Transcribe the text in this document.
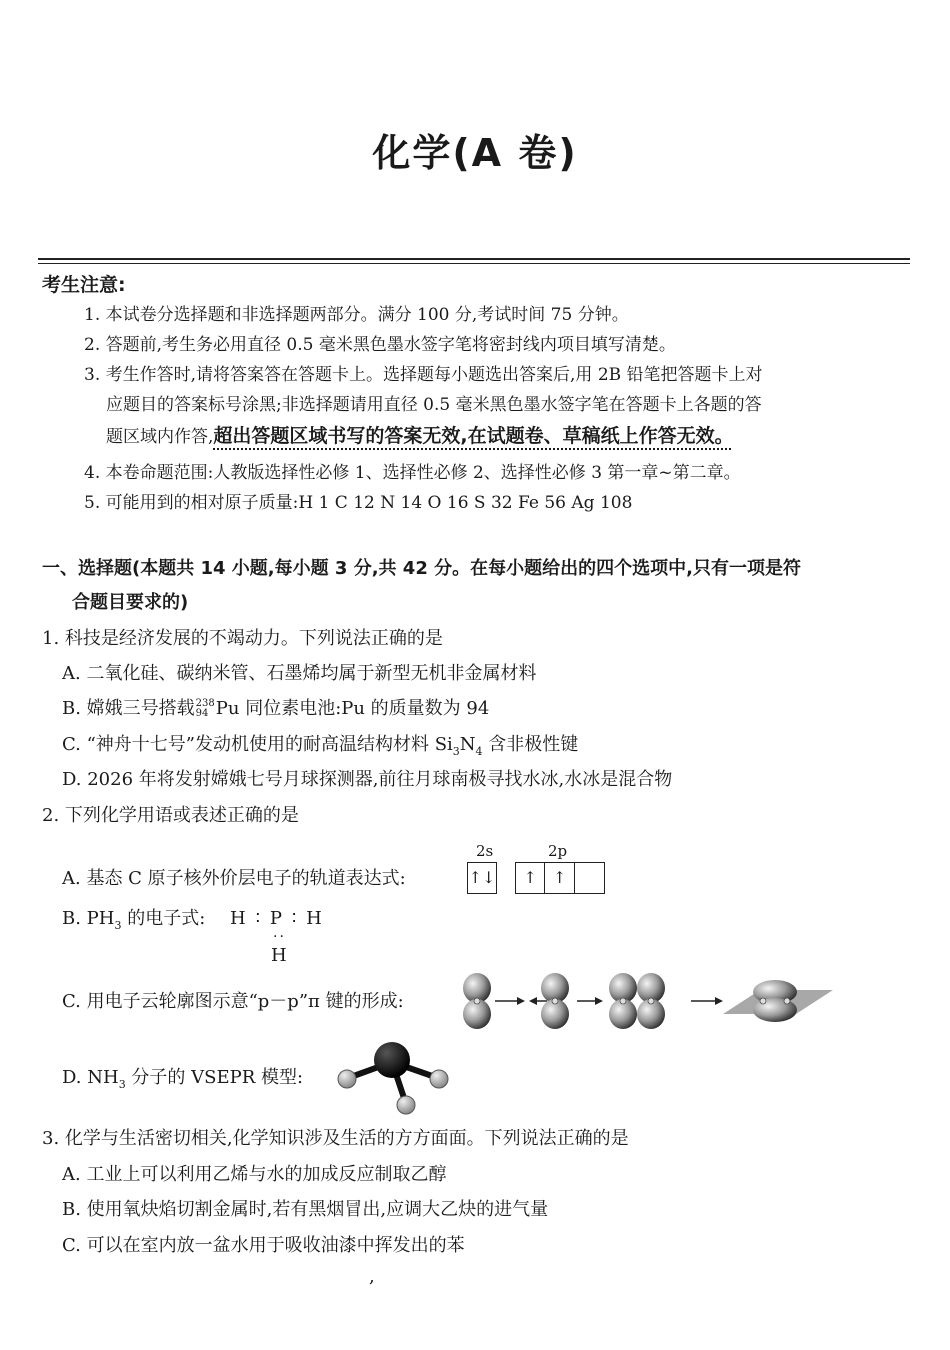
化学(A 卷)
考生注意:
1. 本试卷分选择题和非选择题两部分。满分 100 分,考试时间 75 分钟。
2. 答题前,考生务必用直径 0.5 毫米黑色墨水签字笔将密封线内项目填写清楚。
3. 考生作答时,请将答案答在答题卡上。选择题每小题选出答案后,用 2B 铅笔把答题卡上对
应题目的答案标号涂黑;非选择题请用直径 0.5 毫米黑色墨水签字笔在答题卡上各题的答
题区域内作答,超出答题区域书写的答案无效,在试题卷、草稿纸上作答无效。
4. 本卷命题范围:人教版选择性必修 1、选择性必修 2、选择性必修 3 第一章~第二章。
5. 可能用到的相对原子质量:H 1 C 12 N 14 O 16 S 32 Fe 56 Ag 108
一、选择题(本题共 14 小题,每小题 3 分,共 42 分。在每小题给出的四个选项中,只有一项是符
合题目要求的)
1. 科技是经济发展的不竭动力。下列说法正确的是
A. 二氧化硅、碳纳米管、石墨烯均属于新型无机非金属材料
B. 嫦娥三号搭载 238
94 Pu 同位素电池:Pu 的质量数为 94
C. “神舟十七号”发动机使用的耐高温结构材料 $Si_3N_4$ 含非极性键
D. 2026 年将发射嫦娥七号月球探测器,前往月球南极寻找水冰,水冰是混合物
2. 下列化学用语或表述正确的是
2s	2p
A. 基态 C 原子核外价层电子的轨道表达式:	↑↓ ↑ ↑
B. $PH_3$ 的电子式: H ∶ P ∶ H
··
H
C. 用电子云轮廓图示意“p－p”π 键的形成:
D. $NH_3$ 分子的 VSEPR 模型:
3. 化学与生活密切相关,化学知识涉及生活的方方面面。下列说法正确的是
A. 工业上可以利用乙烯与水的加成反应制取乙醇
B. 使用氧炔焰切割金属时,若有黑烟冒出,应调大乙炔的进气量
C. 可以在室内放一盆水用于吸收油漆中挥发出的苯
,
